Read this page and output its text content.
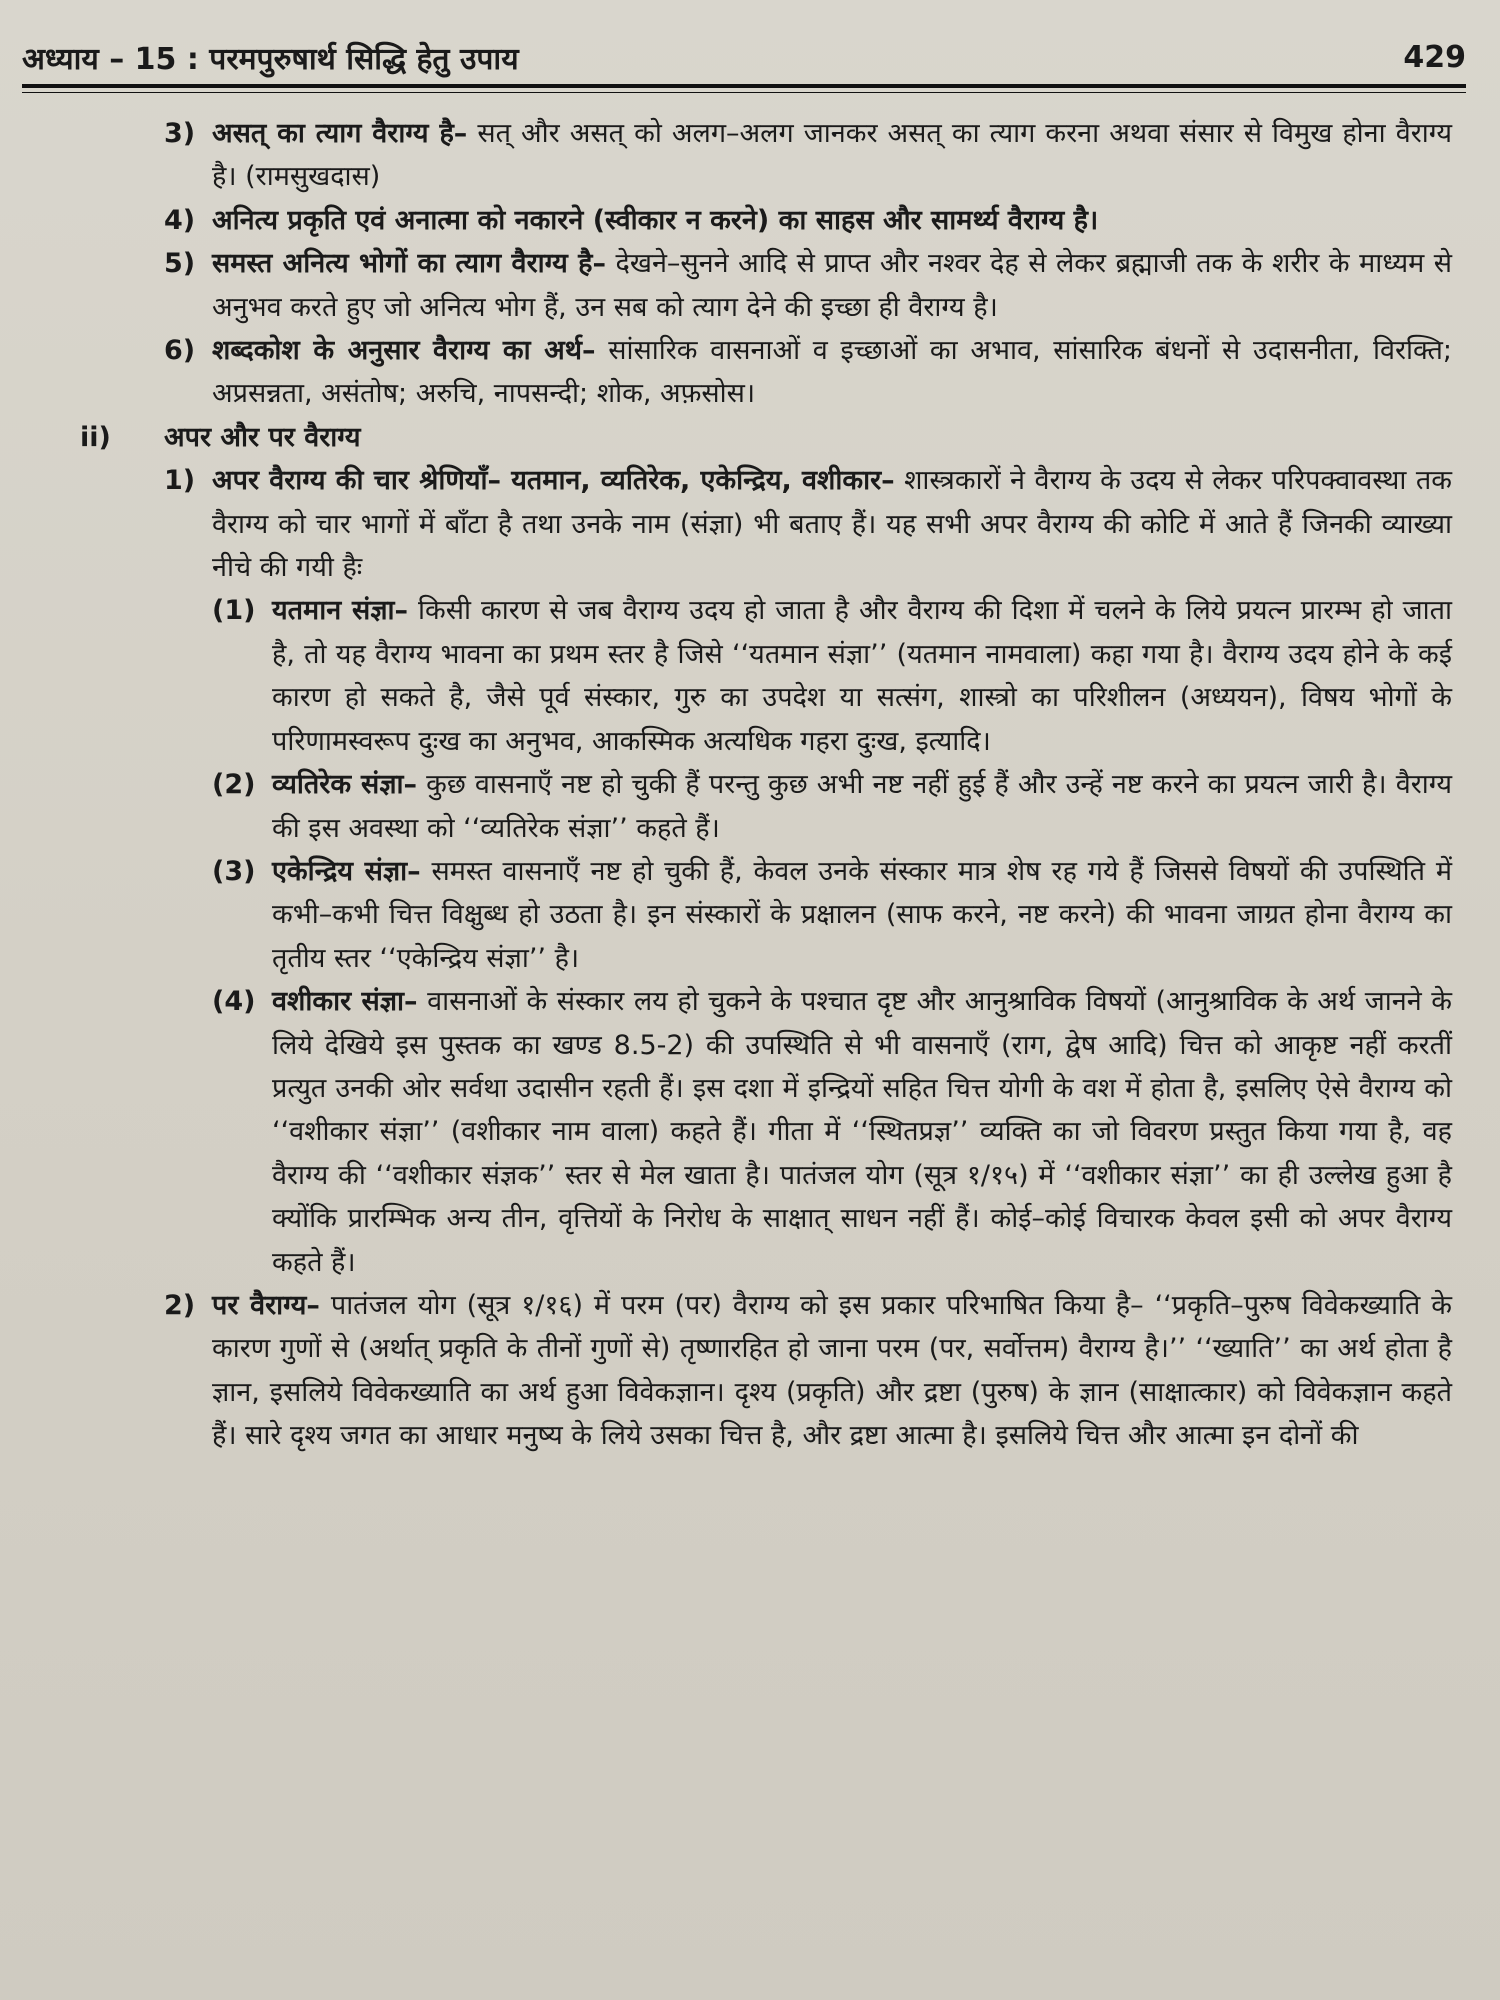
अध्याय – 15 : परमपुरुषार्थ सिद्धि हेतु उपाय	429
3) असत् का त्याग वैराग्य है– सत् और असत् को अलग–अलग जानकर असत् का त्याग करना अथवा संसार से विमुख होना वैराग्य है। (रामसुखदास)
4) अनित्य प्रकृति एवं अनात्मा को नकारने (स्वीकार न करने) का साहस और सामर्थ्य वैराग्य है।
5) समस्त अनित्य भोगों का त्याग वैराग्य है– देखने–सुनने आदि से प्राप्त और नश्वर देह से लेकर ब्रह्माजी तक के शरीर के माध्यम से अनुभव करते हुए जो अनित्य भोग हैं, उन सब को त्याग देने की इच्छा ही वैराग्य है।
6) शब्दकोश के अनुसार वैराग्य का अर्थ– सांसारिक वासनाओं व इच्छाओं का अभाव, सांसारिक बंधनों से उदासनीता, विरक्ति; अप्रसन्नता, असंतोष; अरुचि, नापसन्दी; शोक, अफ़सोस।
ii) अपर और पर वैराग्य
1) अपर वैराग्य की चार श्रेणियाँ– यतमान, व्यतिरेक, एकेन्द्रिय, वशीकार– शास्त्रकारों ने वैराग्य के उदय से लेकर परिपक्वावस्था तक वैराग्य को चार भागों में बाँटा है तथा उनके नाम (संज्ञा) भी बताए हैं। यह सभी अपर वैराग्य की कोटि में आते हैं जिनकी व्याख्या नीचे की गयी हैः
(1) यतमान संज्ञा– किसी कारण से जब वैराग्य उदय हो जाता है और वैराग्य की दिशा में चलने के लिये प्रयत्न प्रारम्भ हो जाता है, तो यह वैराग्य भावना का प्रथम स्तर है जिसे ‘‘यतमान संज्ञा’’ (यतमान नामवाला) कहा गया है। वैराग्य उदय होने के कई कारण हो सकते है, जैसे पूर्व संस्कार, गुरु का उपदेश या सत्संग, शास्त्रो का परिशीलन (अध्ययन), विषय भोगों के परिणामस्वरूप दुःख का अनुभव, आकस्मिक अत्यधिक गहरा दुःख, इत्यादि।
(2) व्यतिरेक संज्ञा– कुछ वासनाएँ नष्ट हो चुकी हैं परन्तु कुछ अभी नष्ट नहीं हुई हैं और उन्हें नष्ट करने का प्रयत्न जारी है। वैराग्य की इस अवस्था को ‘‘व्यतिरेक संज्ञा’’ कहते हैं।
(3) एकेन्द्रिय संज्ञा– समस्त वासनाएँ नष्ट हो चुकी हैं, केवल उनके संस्कार मात्र शेष रह गये हैं जिससे विषयों की उपस्थिति में कभी–कभी चित्त विक्षुब्ध हो उठता है। इन संस्कारों के प्रक्षालन (साफ करने, नष्ट करने) की भावना जाग्रत होना वैराग्य का तृतीय स्तर ‘‘एकेन्द्रिय संज्ञा’’ है।
(4) वशीकार संज्ञा– वासनाओं के संस्कार लय हो चुकने के पश्चात दृष्ट और आनुश्राविक विषयों (आनुश्राविक के अर्थ जानने के लिये देखिये इस पुस्तक का खण्ड 8.5-2) की उपस्थिति से भी वासनाएँ (राग, द्वेष आदि) चित्त को आकृष्ट नहीं करतीं प्रत्युत उनकी ओर सर्वथा उदासीन रहती हैं। इस दशा में इन्द्रियों सहित चित्त योगी के वश में होता है, इसलिए ऐसे वैराग्य को ‘‘वशीकार संज्ञा’’ (वशीकार नाम वाला) कहते हैं। गीता में ‘‘स्थितप्रज्ञ’’ व्यक्ति का जो विवरण प्रस्तुत किया गया है, वह वैराग्य की ‘‘वशीकार संज्ञक’’ स्तर से मेल खाता है। पातंजल योग (सूत्र १/१५) में ‘‘वशीकार संज्ञा’’ का ही उल्लेख हुआ है क्योंकि प्रारम्भिक अन्य तीन, वृत्तियों के निरोध के साक्षात् साधन नहीं हैं। कोई–कोई विचारक केवल इसी को अपर वैराग्य कहते हैं।
2) पर वैराग्य– पातंजल योग (सूत्र १/१६) में परम (पर) वैराग्य को इस प्रकार परिभाषित किया है– ‘‘प्रकृति–पुरुष विवेकख्याति के कारण गुणों से (अर्थात् प्रकृति के तीनों गुणों से) तृष्णारहित हो जाना परम (पर, सर्वोत्तम) वैराग्य है।’’ ‘‘ख्याति’’ का अर्थ होता है ज्ञान, इसलिये विवेकख्याति का अर्थ हुआ विवेकज्ञान। दृश्य (प्रकृति) और द्रष्टा (पुरुष) के ज्ञान (साक्षात्कार) को विवेकज्ञान कहते हैं। सारे दृश्य जगत का आधार मनुष्य के लिये उसका चित्त है, और द्रष्टा आत्मा है। इसलिये चित्त और आत्मा इन दोनों की
